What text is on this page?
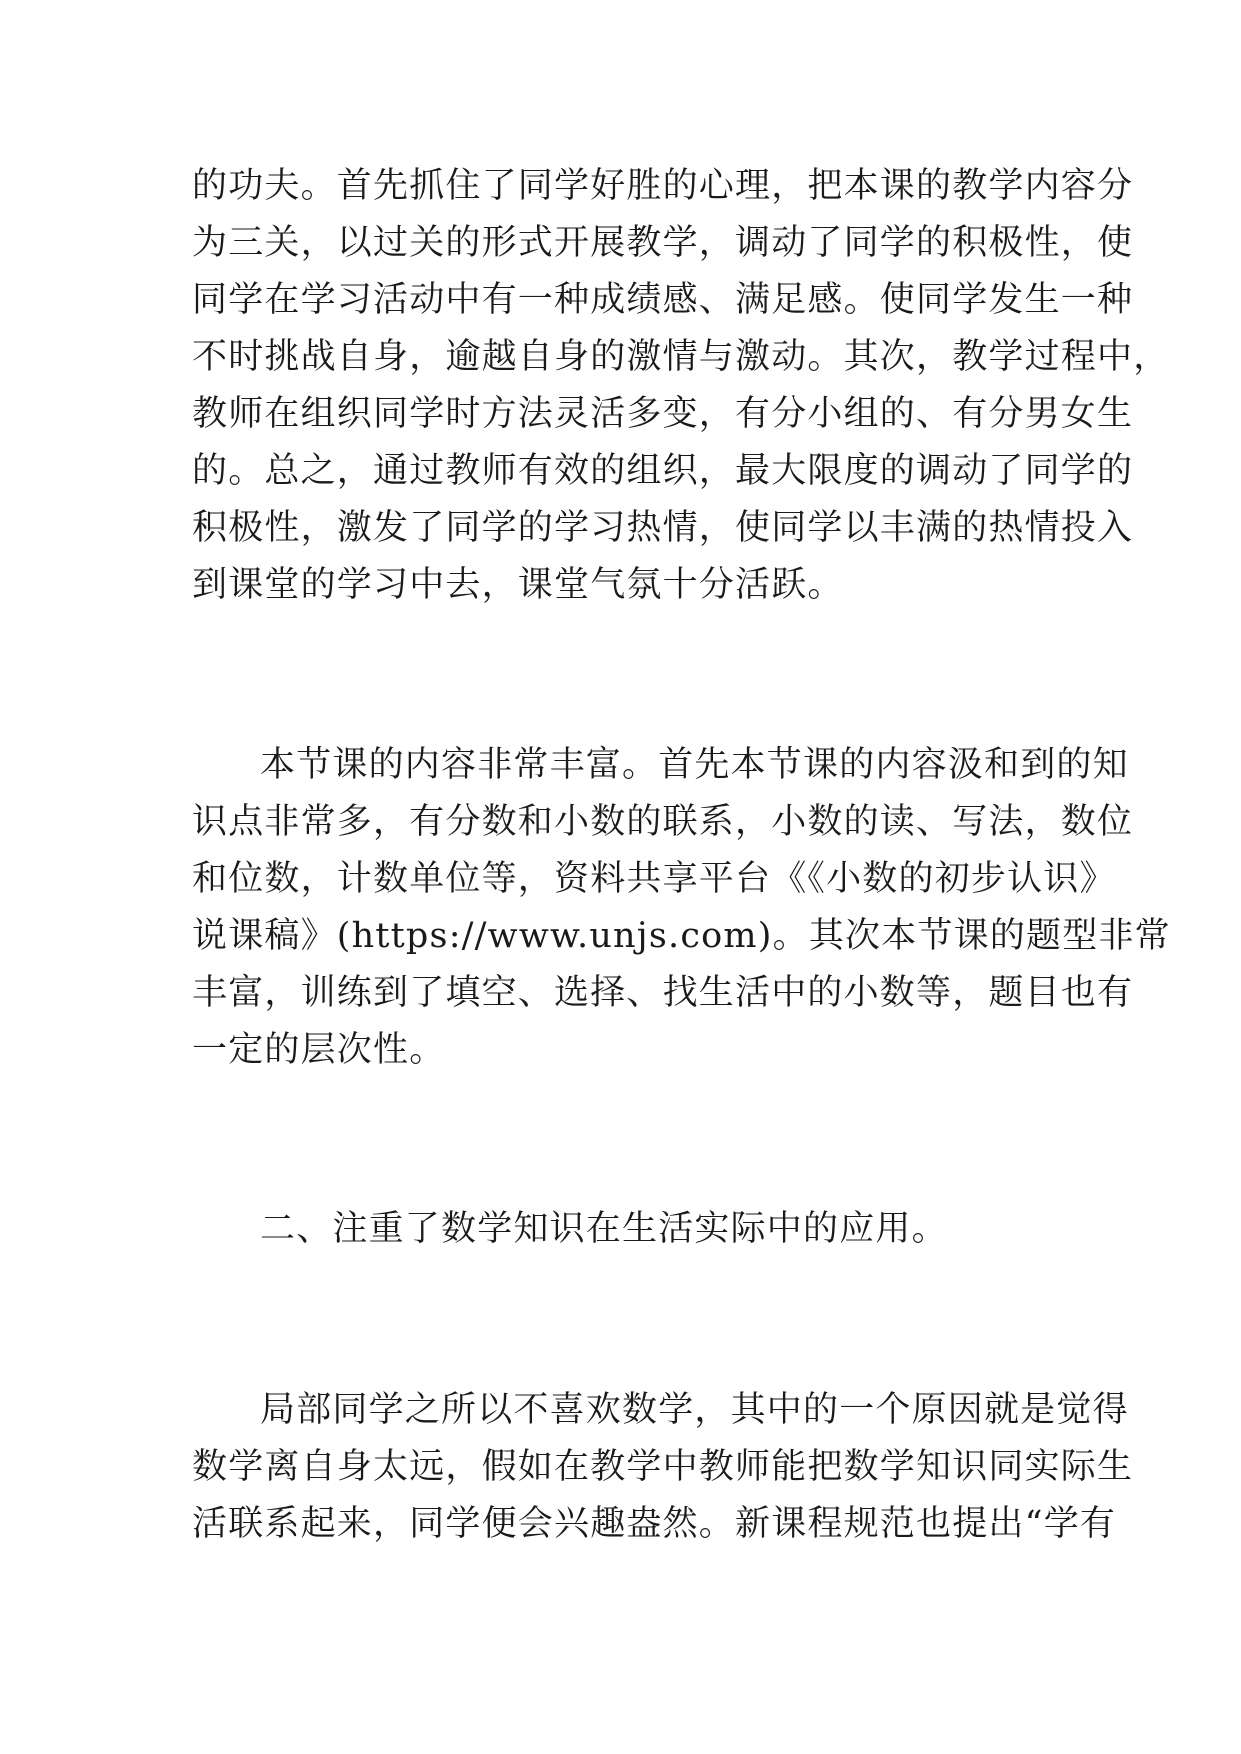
的功夫。首先抓住了同学好胜的心理，把本课的教学内容分
为三关，以过关的形式开展教学，调动了同学的积极性，使
同学在学习活动中有一种成绩感、满足感。使同学发生一种
不时挑战自身，逾越自身的激情与激动。其次，教学过程中，
教师在组织同学时方法灵活多变，有分小组的、有分男女生
的。总之，通过教师有效的组织，最大限度的调动了同学的
积极性，激发了同学的学习热情，使同学以丰满的热情投入
到课堂的学习中去，课堂气氛十分活跃。
本节课的内容非常丰富。首先本节课的内容汲和到的知
识点非常多，有分数和小数的联系，小数的读、写法，数位
和位数，计数单位等，资料共享平台《《小数的初步认识》
说课稿》(https://www.unjs.com)。其次本节课的题型非常
丰富，训练到了填空、选择、找生活中的小数等，题目也有
一定的层次性。
二、注重了数学知识在生活实际中的应用。
局部同学之所以不喜欢数学，其中的一个原因就是觉得
数学离自身太远，假如在教学中教师能把数学知识同实际生
活联系起来，同学便会兴趣盎然。新课程规范也提出“学有
